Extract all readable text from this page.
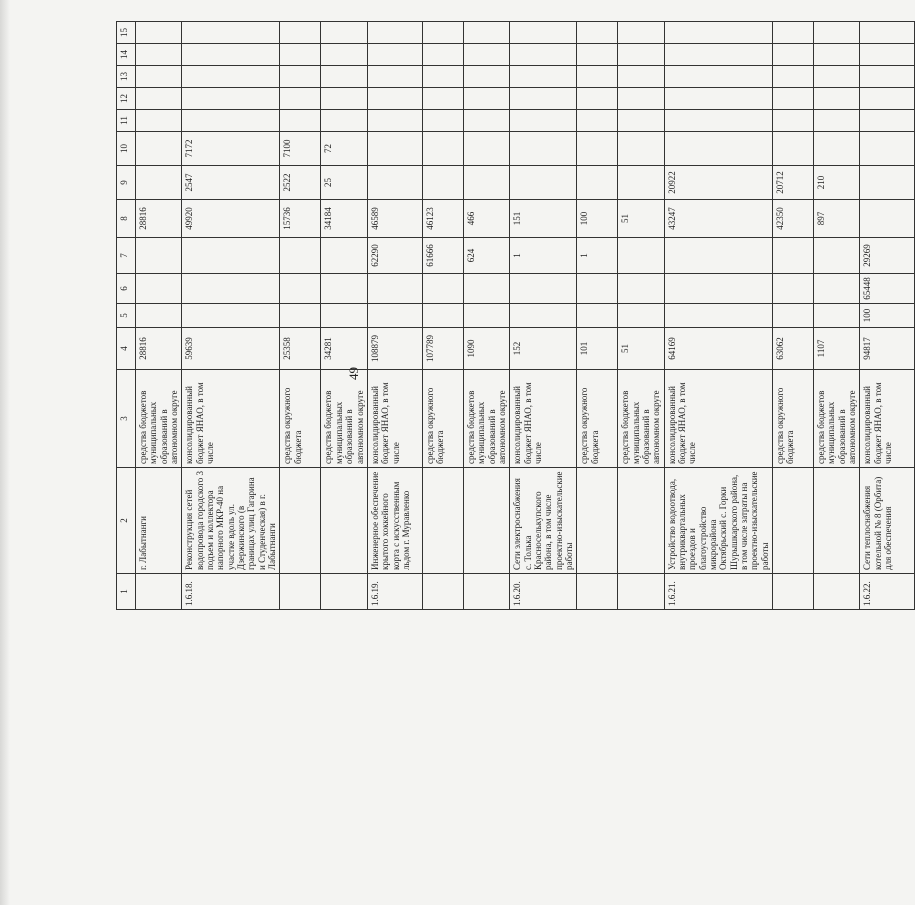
49
1	2	3	4	5	6	7	8	9	10	11	12	13	14	15
	г. Лабытнанги	средства бюджетов муниципальных образований в автономном округе	28816				28816							
1.6.18.	Реконструкция сетей водопровода городского 3 подъем и коллектора напорного МКР-40 на участке вдоль ул. Дзержинского (в границах улиц Гагарина и Студенческая) в г. Лабытнанги	консолидированный бюджет ЯНАО, в том числе	59639				49920	2547	7172					
		средства окружного бюджета	25358				15736	2522	7100					
		средства бюджетов муниципальных образований в автономном округе	34281				34184	25	72					
1.6.19.	Инженерное обеспечение крытого хоккейного корта с искусственным льдом г. Муравленко	консолидированный бюджет ЯНАО, в том числе	108879			62290	46589							
		средства окружного бюджета	107789			61666	46123							
		средства бюджетов муниципальных образований в автономном округе	1090			624	466							
1.6.20.	Сети электроснабжения с. Толька Красноселькупского района, в том числе проектно-изыскательские работы	консолидированный бюджет ЯНАО, в том числе	152			1	151							
		средства окружного бюджета	101			1	100							
		средства бюджетов муниципальных образований в автономном округе	51				51							
1.6.21.	Устройство водоотвода, внутриквартальных проездов и благоустройство микрорайона Октябрьский с. Горки Шурышкарского района, в том числе затраты на проектно-изыскательские работы	консолидированный бюджет ЯНАО, в том числе	64169				43247	20922						
		средства окружного бюджета	63062				42350	20712						
		средства бюджетов муниципальных образований в автономном округе	1107				897	210						
1.6.22.	Сети теплоснабжения котельной № 8 (Орбита) для обеспечения	консолидированный бюджет ЯНАО, в том числе	94817	100	65448	29269								
